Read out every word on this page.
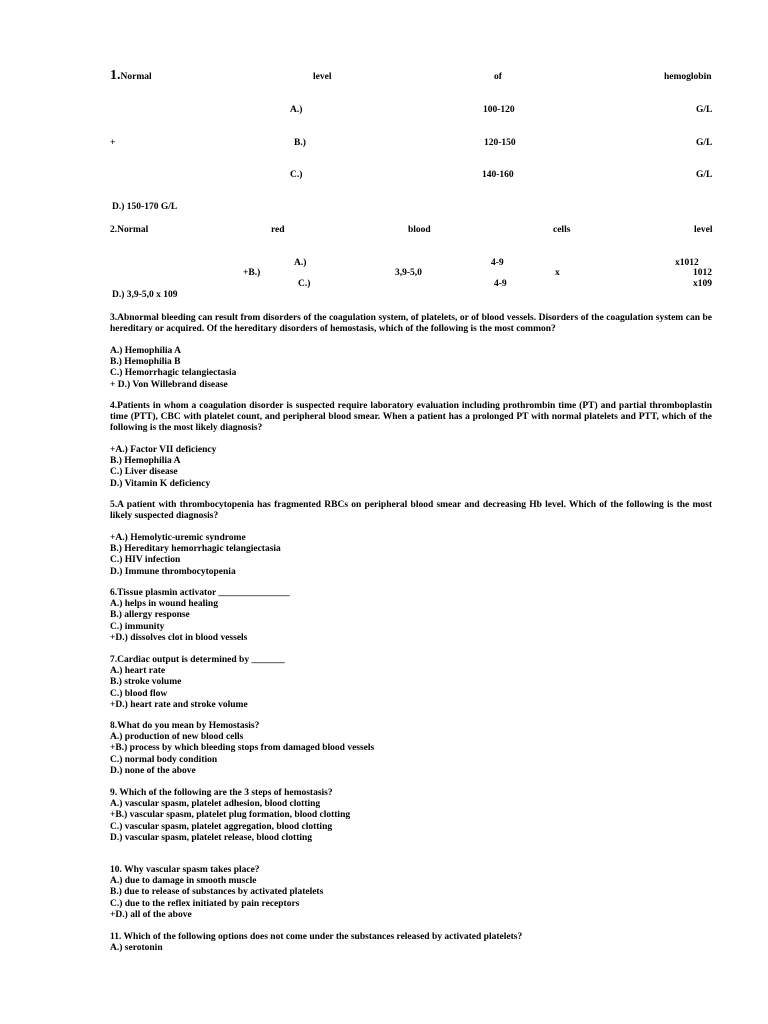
1.Normal	level	of	hemoglobin
A.)	100-120	G/L
+	B.)	120-150	G/L
C.)	140-160	G/L
D.) 150-170 G/L
2.Normal	red	blood	cells	level
A.)	4-9	x1012
+B.)	3,9-5,0	x	1012
C.)	4-9	x109
D.) 3,9-5,0 x 109
3.Abnormal bleeding can result from disorders of the coagulation system, of platelets, or of blood vessels. Disorders of the coagulation system can be hereditary or acquired. Of the hereditary disorders of hemostasis, which of the following is the most common?
A.) Hemophilia A
B.) Hemophilia B
C.) Hemorrhagic telangiectasia
+ D.) Von Willebrand disease
4.Patients in whom a coagulation disorder is suspected require laboratory evaluation including prothrombin time (PT) and partial thromboplastin time (PTT), CBC with platelet count, and peripheral blood smear. When a patient has a prolonged PT with normal platelets and PTT, which of the following is the most likely diagnosis?
+A.) Factor VII deficiency
B.) Hemophilia A
C.) Liver disease
D.) Vitamin K deficiency
5.A patient with thrombocytopenia has fragmented RBCs on peripheral blood smear and decreasing Hb level. Which of the following is the most likely suspected diagnosis?
+A.) Hemolytic-uremic syndrome
B.) Hereditary hemorrhagic telangiectasia
C.) HIV infection
D.) Immune thrombocytopenia
6.Tissue plasmin activator _______________
A.) helps in wound healing
B.) allergy response
C.) immunity
+D.) dissolves clot in blood vessels
7.Cardiac output is determined by _______
A.) heart rate
B.) stroke volume
C.) blood flow
+D.) heart rate and stroke volume
8.What do you mean by Hemostasis?
A.) production of new blood cells
+B.) process by which bleeding stops from damaged blood vessels
C.) normal body condition
D.) none of the above
9. Which of the following are the 3 steps of hemostasis?
A.) vascular spasm, platelet adhesion, blood clotting
+B.) vascular spasm, platelet plug formation, blood clotting
C.) vascular spasm, platelet aggregation, blood clotting
D.) vascular spasm, platelet release, blood clotting
10. Why vascular spasm takes place?
A.) due to damage in smooth muscle
B.) due to release of substances by activated platelets
C.) due to the reflex initiated by pain receptors
+D.) all of the above
11. Which of the following options does not come under the substances released by activated platelets?
A.) serotonin
